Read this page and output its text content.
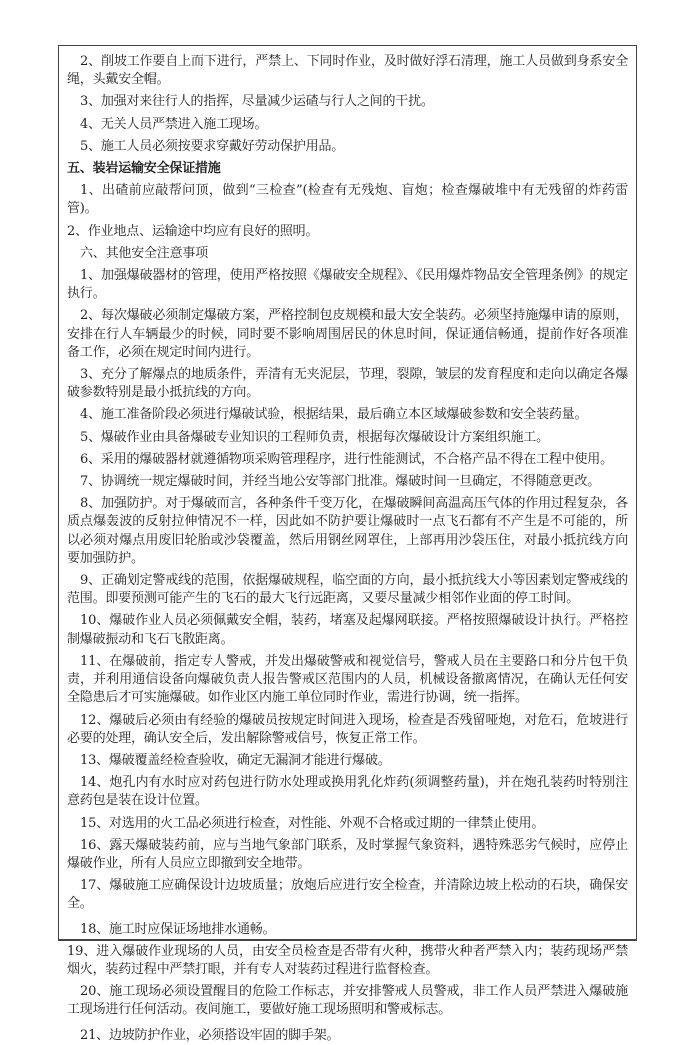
2、削坡工作要自上而下进行，严禁上、下同时作业，及时做好浮石清理，施工人员做到身系安全绳，头戴安全帽。

3、加强对来往行人的指挥，尽量减少运碴与行人之间的干扰。

4、无关人员严禁进入施工现场。

5、施工人员必须按要求穿戴好劳动保护用品。

五、装岩运输安全保证措施

1、出碴前应敲帮问顶，做到“三检查”(检查有无残炮、盲炮；检查爆破堆中有无残留的炸药雷管)。

2、作业地点、运输途中均应有良好的照明。

六、其他安全注意事项

1、加强爆破器材的管理，使用严格按照《爆破安全规程》、《民用爆炸物品安全管理条例》的规定执行。

2、每次爆破必须制定爆破方案，严格控制包皮规模和最大安全装药。必须坚持施爆申请的原则，安排在行人车辆最少的时候，同时要不影响周围居民的休息时间，保证通信畅通，提前作好各项准备工作，必须在规定时间内进行。

3、充分了解爆点的地质条件，弄清有无夹泥层，节理，裂隙，皱层的发育程度和走向以确定各爆破参数特别是最小抵抗线的方向。

4、施工准备阶段必须进行爆破试验，根据结果，最后确立本区域爆破参数和安全装药量。

5、爆破作业由具备爆破专业知识的工程师负责，根据每次爆破设计方案组织施工。

6、采用的爆破器材就遵循物项采购管理程序，进行性能测试，不合格产品不得在工程中使用。

7、协调统一规定爆破时间，并经当地公安等部门批准。爆破时间一旦确定，不得随意更改。

8、加强防护。对于爆破而言，各种条件千变万化，在爆破瞬间高温高压气体的作用过程复杂，各质点爆轰波的反射拉伸情况不一样，因此如不防护要让爆破时一点飞石都有不产生是不可能的，所以必须对爆点用废旧轮胎或沙袋覆盖，然后用钢丝网罩住，上部再用沙袋压住，对最小抵抗线方向要加强防护。

9、正确划定警戒线的范围，依据爆破规程，临空面的方向，最小抵抗线大小等因素划定警戒线的范围。即要预测可能产生的飞石的最大飞行远距离，又要尽量减少相邻作业面的停工时间。

10、爆破作业人员必须佩戴安全帽，装药，堵塞及起爆网联接。严格按照爆破设计执行。严格控制爆破振动和飞石飞散距离。

11、在爆破前，指定专人警戒，并发出爆破警戒和视觉信号，警戒人员在主要路口和分片包干负责，并利用通信设备向爆破负责人报告警戒区范围内的人员，机械设备撤离情况，在确认无任何安全隐患后才可实施爆破。如作业区内施工单位同时作业，需进行协调，统一指挥。

12、爆破后必须由有经验的爆破员按规定时间进入现场，检查是否残留哑炮，对危石，危坡进行必要的处理，确认安全后，发出解除警戒信号，恢复正常工作。

13、爆破覆盖经检查验收，确定无漏洞才能进行爆破。

14、炮孔内有水时应对药包进行防水处理或换用乳化炸药(须调整药量)，并在炮孔装药时特别注意药包是装在设计位置。

15、对选用的火工品必须进行检查，对性能、外观不合格或过期的一律禁止使用。

16、露天爆破装药前，应与当地气象部门联系，及时掌握气象资料，遇特殊恶劣气候时，应停止爆破作业，所有人员应立即撤到安全地带。

17、爆破施工应确保设计边坡质量；放炮后应进行安全检查，并清除边坡上松动的石块，确保安全。

18、施工时应保证场地排水通畅。

19、进入爆破作业现场的人员，由安全员检查是否带有火种，携带火种者严禁入内；装药现场严禁烟火，装药过程中严禁打眼，并有专人对装药过程进行监督检查。

20、施工现场必须设置醒目的危险工作标志，并安排警戒人员警戒，非工作人员严禁进入爆破施工现场进行任何活动。夜间施工，要做好施工现场照明和警戒标志。

21、边坡防护作业，必须搭设牢固的脚手架。
